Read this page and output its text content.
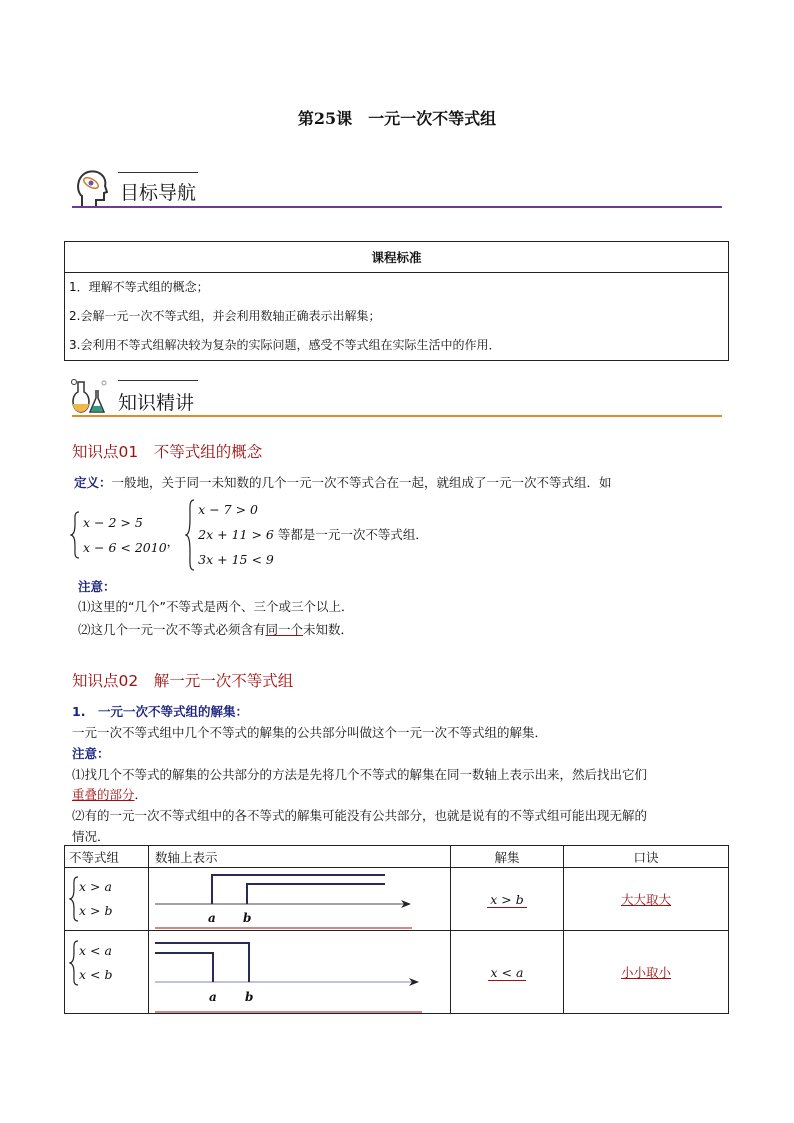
第25课　一元一次不等式组
目标导航
课程标准
1．理解不等式组的概念；
2.会解一元一次不等式组，并会利用数轴正确表示出解集；
3.会利用不等式组解决较为复杂的实际问题，感受不等式组在实际生活中的作用．
知识精讲
知识点01　 不等式组的概念
定义：一般地，关于同一未知数的几个一元一次不等式合在一起，就组成了一元一次不等式组．如
x − 2 > 5
x − 6 < 2010 ，
x − 7 > 0
2x + 11 > 6 等都是一元一次不等式组．
3x + 15 < 9
注意：
⑴这里的“几个”不等式是两个、三个或三个以上．
⑵这几个一元一次不等式必须含有同一个未知数．
知识点02　 解一元一次不等式组
1.　一元一次不等式组的解集：
一元一次不等式组中几个不等式的解集的公共部分叫做这个一元一次不等式组的解集．
注意：
⑴找几个不等式的解集的公共部分的方法是先将几个不等式的解集在同一数轴上表示出来，然后找出它们
重叠的部分．
⑵有的一元一次不等式组中的各不等式的解集可能没有公共部分，也就是说有的不等式组可能出现无解的
情况．
不等式组	数轴上表示	解集	口诀

x > a
x > b		x > b	大大取大

x < a
x < b		x < a	小小取小
a b
a b
